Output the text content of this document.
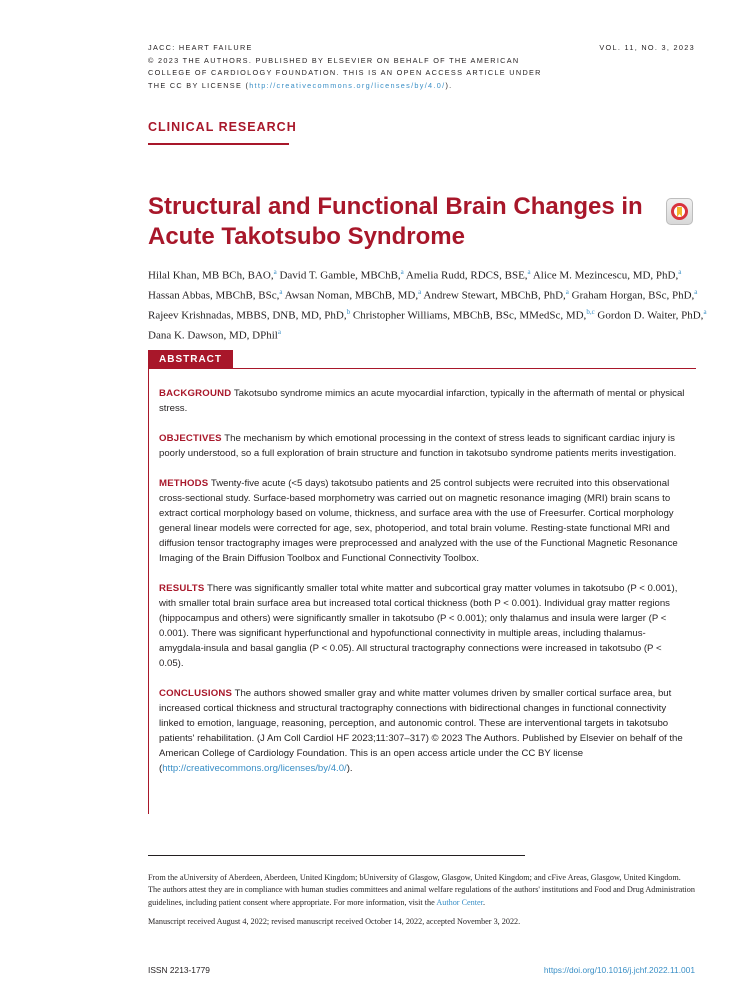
JACC: HEART FAILURE
© 2023 THE AUTHORS. PUBLISHED BY ELSEVIER ON BEHALF OF THE AMERICAN
COLLEGE OF CARDIOLOGY FOUNDATION. THIS IS AN OPEN ACCESS ARTICLE UNDER
THE CC BY LICENSE (http://creativecommons.org/licenses/by/4.0/).
VOL. 11, NO. 3, 2023
CLINICAL RESEARCH
Structural and Functional Brain Changes in Acute Takotsubo Syndrome
Hilal Khan, MB BCh, BAO,$^a$ David T. Gamble, MBChB,$^a$ Amelia Rudd, RDCS, BSE,$^a$ Alice M. Mezincescu, MD, PhD,$^a$ Hassan Abbas, MBChB, BSc,$^a$ Awsan Noman, MBChB, MD,$^a$ Andrew Stewart, MBChB, PhD,$^a$ Graham Horgan, BSc, PhD,$^a$ Rajeev Krishnadas, MBBS, DNB, MD, PhD,$^b$ Christopher Williams, MBChB, BSc, MMedSc, MD,$^{b,c}$ Gordon D. Waiter, PhD,$^a$ Dana K. Dawson, MD, DPhil$^a$
ABSTRACT

BACKGROUND Takotsubo syndrome mimics an acute myocardial infarction, typically in the aftermath of mental or physical stress.

OBJECTIVES The mechanism by which emotional processing in the context of stress leads to significant cardiac injury is poorly understood, so a full exploration of brain structure and function in takotsubo syndrome patients merits investigation.

METHODS Twenty-five acute (<5 days) takotsubo patients and 25 control subjects were recruited into this observational cross-sectional study. Surface-based morphometry was carried out on magnetic resonance imaging (MRI) brain scans to extract cortical morphology based on volume, thickness, and surface area with the use of Freesurfer. Cortical morphology general linear models were corrected for age, sex, photoperiod, and total brain volume. Resting-state functional MRI and diffusion tensor tractography images were preprocessed and analyzed with the use of the Functional Magnetic Resonance Imaging of the Brain Diffusion Toolbox and Functional Connectivity Toolbox.

RESULTS There was significantly smaller total white matter and subcortical gray matter volumes in takotsubo (P < 0.001), with smaller total brain surface area but increased total cortical thickness (both P < 0.001). Individual gray matter regions (hippocampus and others) were significantly smaller in takotsubo (P < 0.001); only thalamus and insula were larger (P < 0.001). There was significant hyperfunctional and hypofunctional connectivity in multiple areas, including thalamus-amygdala-insula and basal ganglia (P < 0.05). All structural tractography connections were increased in takotsubo (P < 0.05).

CONCLUSIONS The authors showed smaller gray and white matter volumes driven by smaller cortical surface area, but increased cortical thickness and structural tractography connections with bidirectional changes in functional connectivity linked to emotion, language, reasoning, perception, and autonomic control. These are interventional targets in takotsubo patients' rehabilitation. (J Am Coll Cardiol HF 2023;11:307–317) © 2023 The Authors. Published by Elsevier on behalf of the American College of Cardiology Foundation. This is an open access article under the CC BY license (http://creativecommons.org/licenses/by/4.0/).

From the aUniversity of Aberdeen, Aberdeen, United Kingdom; bUniversity of Glasgow, Glasgow, United Kingdom; and cFive Areas, Glasgow, United Kingdom.

The authors attest they are in compliance with human studies committees and animal welfare regulations of the authors' institutions and Food and Drug Administration guidelines, including patient consent where appropriate. For more information, visit the Author Center.

Manuscript received August 4, 2022; revised manuscript received October 14, 2022, accepted November 3, 2022.

ISSN 2213-1779	https://doi.org/10.1016/j.jchf.2022.11.001
